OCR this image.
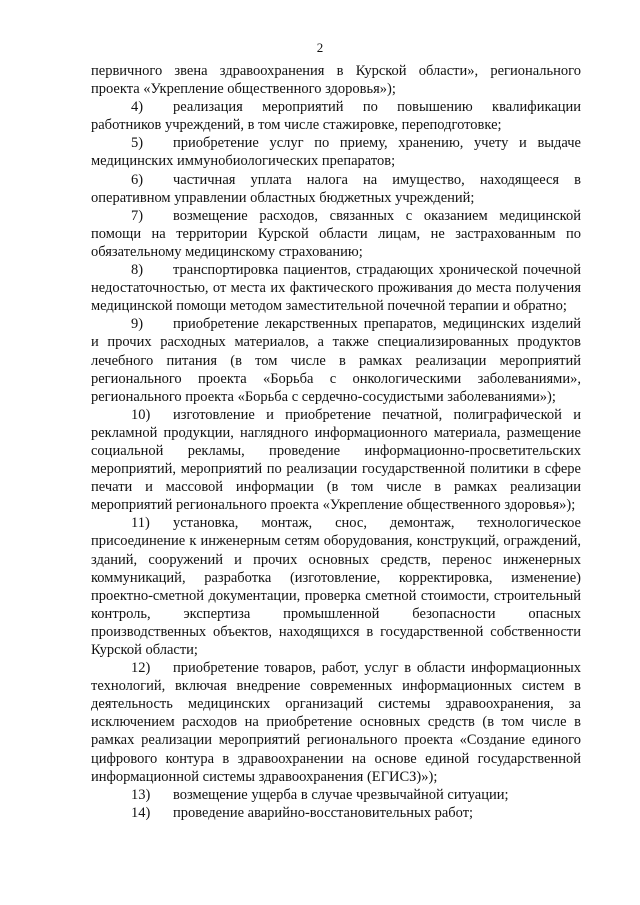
2

первичного звена здравоохранения в Курской области», регионального проекта «Укрепление общественного здоровья»);

4) реализация мероприятий по повышению квалификации работников учреждений, в том числе стажировке, переподготовке;

5) приобретение услуг по приему, хранению, учету и выдаче медицинских иммунобиологических препаратов;

6) частичная уплата налога на имущество, находящееся в оперативном управлении областных бюджетных учреждений;

7) возмещение расходов, связанных с оказанием медицинской помощи на территории Курской области лицам, не застрахованным по обязательному медицинскому страхованию;

8) транспортировка пациентов, страдающих хронической почечной недостаточностью, от места их фактического проживания до места получения медицинской помощи методом заместительной почечной терапии и обратно;

9) приобретение лекарственных препаратов, медицинских изделий и прочих расходных материалов, а также специализированных продуктов лечебного питания (в том числе в рамках реализации мероприятий регионального проекта «Борьба с онкологическими заболеваниями», регионального проекта «Борьба с сердечно-сосудистыми заболеваниями»);

10) изготовление и приобретение печатной, полиграфической и рекламной продукции, наглядного информационного материала, размещение социальной рекламы, проведение информационно-просветительских мероприятий, мероприятий по реализации государственной политики в сфере печати и массовой информации (в том числе в рамках реализации мероприятий регионального проекта «Укрепление общественного здоровья»);

11) установка, монтаж, снос, демонтаж, технологическое присоединение к инженерным сетям оборудования, конструкций, ограждений, зданий, сооружений и прочих основных средств, перенос инженерных коммуникаций, разработка (изготовление, корректировка, изменение) проектно-сметной документации, проверка сметной стоимости, строительный контроль, экспертиза промышленной безопасности опасных производственных объектов, находящихся в государственной собственности Курской области;

12) приобретение товаров, работ, услуг в области информационных технологий, включая внедрение современных информационных систем в деятельность медицинских организаций системы здравоохранения, за исключением расходов на приобретение основных средств (в том числе в рамках реализации мероприятий регионального проекта «Создание единого цифрового контура в здравоохранении на основе единой государственной информационной системы здравоохранения (ЕГИСЗ)»);

13) возмещение ущерба в случае чрезвычайной ситуации;

14) проведение аварийно-восстановительных работ;
